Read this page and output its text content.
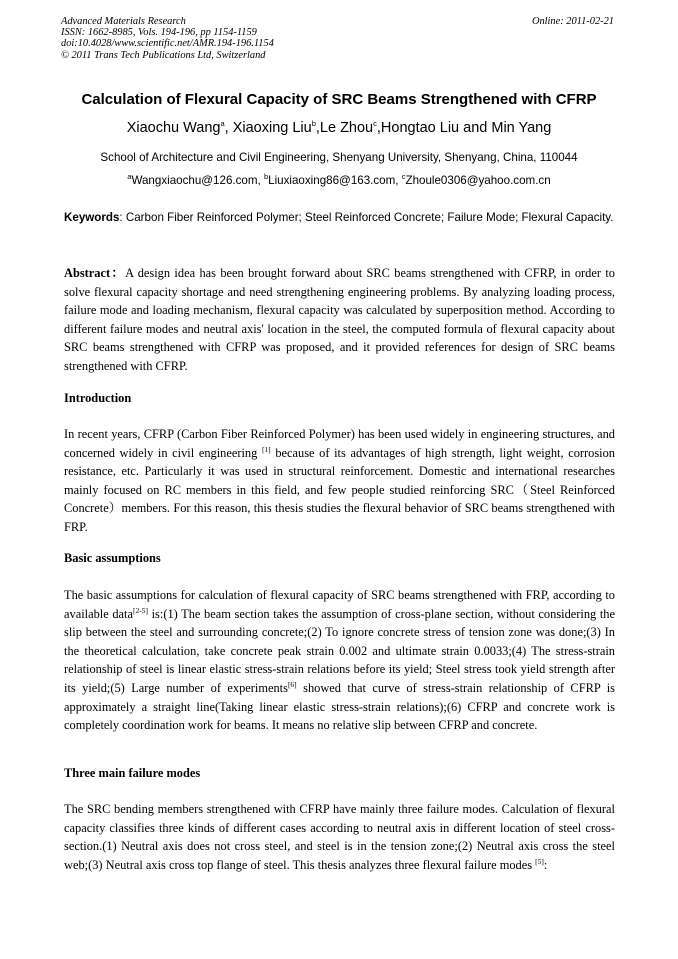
Advanced Materials Research
ISSN: 1662-8985, Vols. 194-196, pp 1154-1159
doi:10.4028/www.scientific.net/AMR.194-196.1154
© 2011 Trans Tech Publications Ltd, Switzerland
Online: 2011-02-21
Calculation of Flexural Capacity of SRC Beams Strengthened with CFRP
Xiaochu Wang$^a$, Xiaoxing Liu$^b$,Le Zhou$^c$,Hongtao Liu and Min Yang
School of Architecture and Civil Engineering, Shenyang University, Shenyang, China, 110044
$^a$Wangxiaochu@126.com, $^b$Liuxiaoxing86@163.com, $^c$Zhoule0306@yahoo.com.cn
Keywords: Carbon Fiber Reinforced Polymer; Steel Reinforced Concrete; Failure Mode; Flexural Capacity.
Abstract：A design idea has been brought forward about SRC beams strengthened with CFRP, in order to solve flexural capacity shortage and need strengthening engineering problems. By analyzing loading process, failure mode and loading mechanism, flexural capacity was calculated by superposition method. According to different failure modes and neutral axis' location in the steel, the computed formula of flexural capacity about SRC beams strengthened with CFRP was proposed, and it provided references for design of SRC beams strengthened with CFRP.
Introduction
In recent years, CFRP (Carbon Fiber Reinforced Polymer) has been used widely in engineering structures, and concerned widely in civil engineering [1] because of its advantages of high strength, light weight, corrosion resistance, etc. Particularly it was used in structural reinforcement. Domestic and international researches mainly focused on RC members in this field, and few people studied reinforcing SRC（Steel Reinforced Concrete）members. For this reason, this thesis studies the flexural behavior of SRC beams strengthened with FRP.
Basic assumptions
The basic assumptions for calculation of flexural capacity of SRC beams strengthened with FRP, according to available data[2-5] is:(1) The beam section takes the assumption of cross-plane section, without considering the slip between the steel and surrounding concrete;(2) To ignore concrete stress of tension zone was done;(3) In the theoretical calculation, take concrete peak strain 0.002 and ultimate strain 0.0033;(4) The stress-strain relationship of steel is linear elastic stress-strain relations before its yield; Steel stress took yield strength after its yield;(5) Large number of experiments[6] showed that curve of stress-strain relationship of CFRP is approximately a straight line(Taking linear elastic stress-strain relations);(6) CFRP and concrete work is completely coordination work for beams. It means no relative slip between CFRP and concrete.
Three main failure modes
The SRC bending members strengthened with CFRP have mainly three failure modes. Calculation of flexural capacity classifies three kinds of different cases according to neutral axis in different location of steel cross-section.(1) Neutral axis does not cross steel, and steel is in the tension zone;(2) Neutral axis cross the steel web;(3) Neutral axis cross top flange of steel. This thesis analyzes three flexural failure modes [5]:
